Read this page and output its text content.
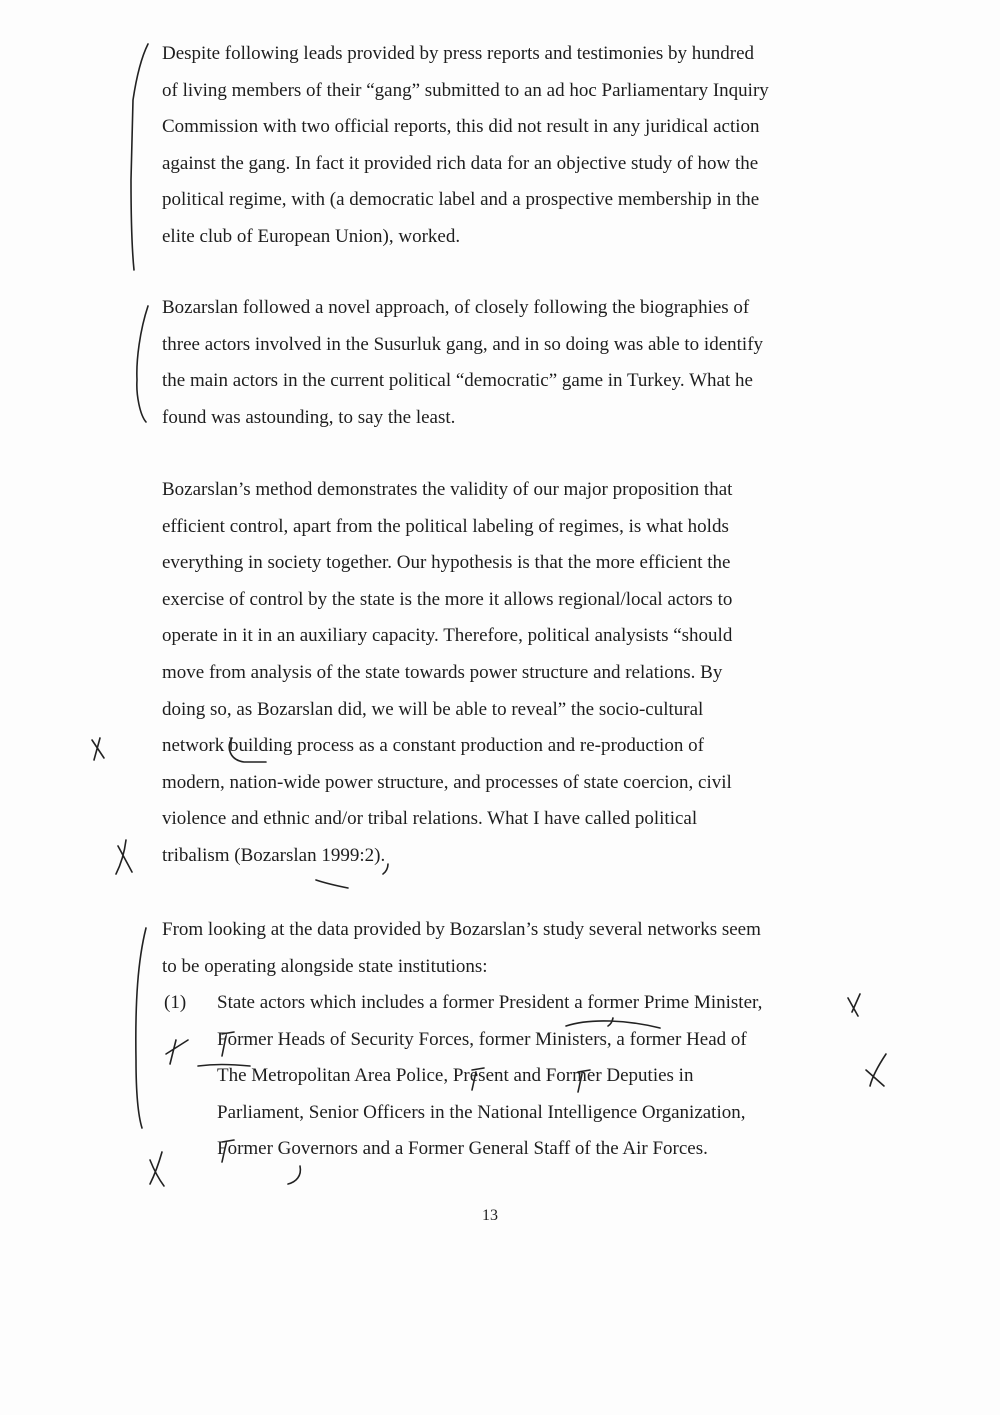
Despite following leads provided by press reports and testimonies by hundred
of living members of their “gang” submitted to an ad hoc Parliamentary Inquiry
Commission with two official reports, this did not result in any juridical action
against the gang. In fact it provided rich data for an objective study of how the
political regime, with (a democratic label and a prospective membership in the
elite club of European Union), worked.
Bozarslan followed a novel approach, of closely following the biographies of
three actors involved in the Susurluk gang, and in so doing was able to identify
the main actors in the current political “democratic” game in Turkey. What he
found was astounding, to say the least.
Bozarslan’s method demonstrates the validity of our major proposition that
efficient control, apart from the political labeling of regimes, is what holds
everything in society together. Our hypothesis is that the more efficient the
exercise of control by the state is the more it allows regional/local actors to
operate in it in an auxiliary capacity. Therefore, political analysists “should
move from analysis of the state towards power structure and relations. By
doing so, as Bozarslan did, we will be able to reveal” the socio-cultural
network building process as a constant production and re-production of
modern, nation-wide power structure, and processes of state coercion, civil
violence and ethnic and/or tribal relations. What I have called political
tribalism (Bozarslan 1999:2).
From looking at the data provided by Bozarslan’s study several networks seem
to be operating alongside state institutions:
(1)	State actors which includes a former President a former Prime Minister,
Former Heads of Security Forces, former Ministers, a former Head of
The Metropolitan Area Police, Present and Former Deputies in
Parliament, Senior Officers in the National Intelligence Organization,
Former Governors and a Former General Staff of the Air Forces.
13
